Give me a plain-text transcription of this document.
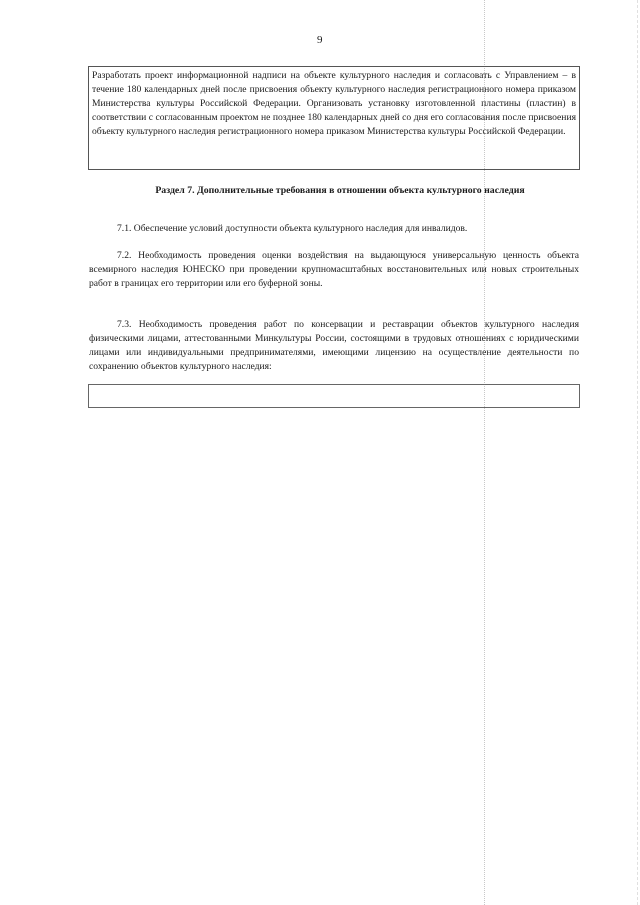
9
Разработать проект информационной надписи на объекте культурного наследия и согласовать с Управлением – в течение 180 календарных дней после присвоения объекту культурного наследия регистрационного номера приказом Министерства культуры Российской Федерации. Организовать установку изготовленной пластины (пластин) в соответствии с согласованным проектом не позднее 180 календарных дней со дня его согласования после присвоения объекту культурного наследия регистрационного номера приказом Министерства культуры Российской Федерации.
Раздел 7. Дополнительные требования в отношении объекта культурного наследия
7.1. Обеспечение условий доступности объекта культурного наследия для инвалидов.
7.2. Необходимость проведения оценки воздействия на выдающуюся универсальную ценность объекта всемирного наследия ЮНЕСКО при проведении крупномасштабных восстановительных или новых строительных работ в границах его территории или его буферной зоны.
7.3. Необходимость проведения работ по консервации и реставрации объектов культурного наследия физическими лицами, аттестованными Минкультуры России, состоящими в трудовых отношениях с юридическими лицами или индивидуальными предпринимателями, имеющими лицензию на осуществление деятельности по сохранению объектов культурного наследия:
